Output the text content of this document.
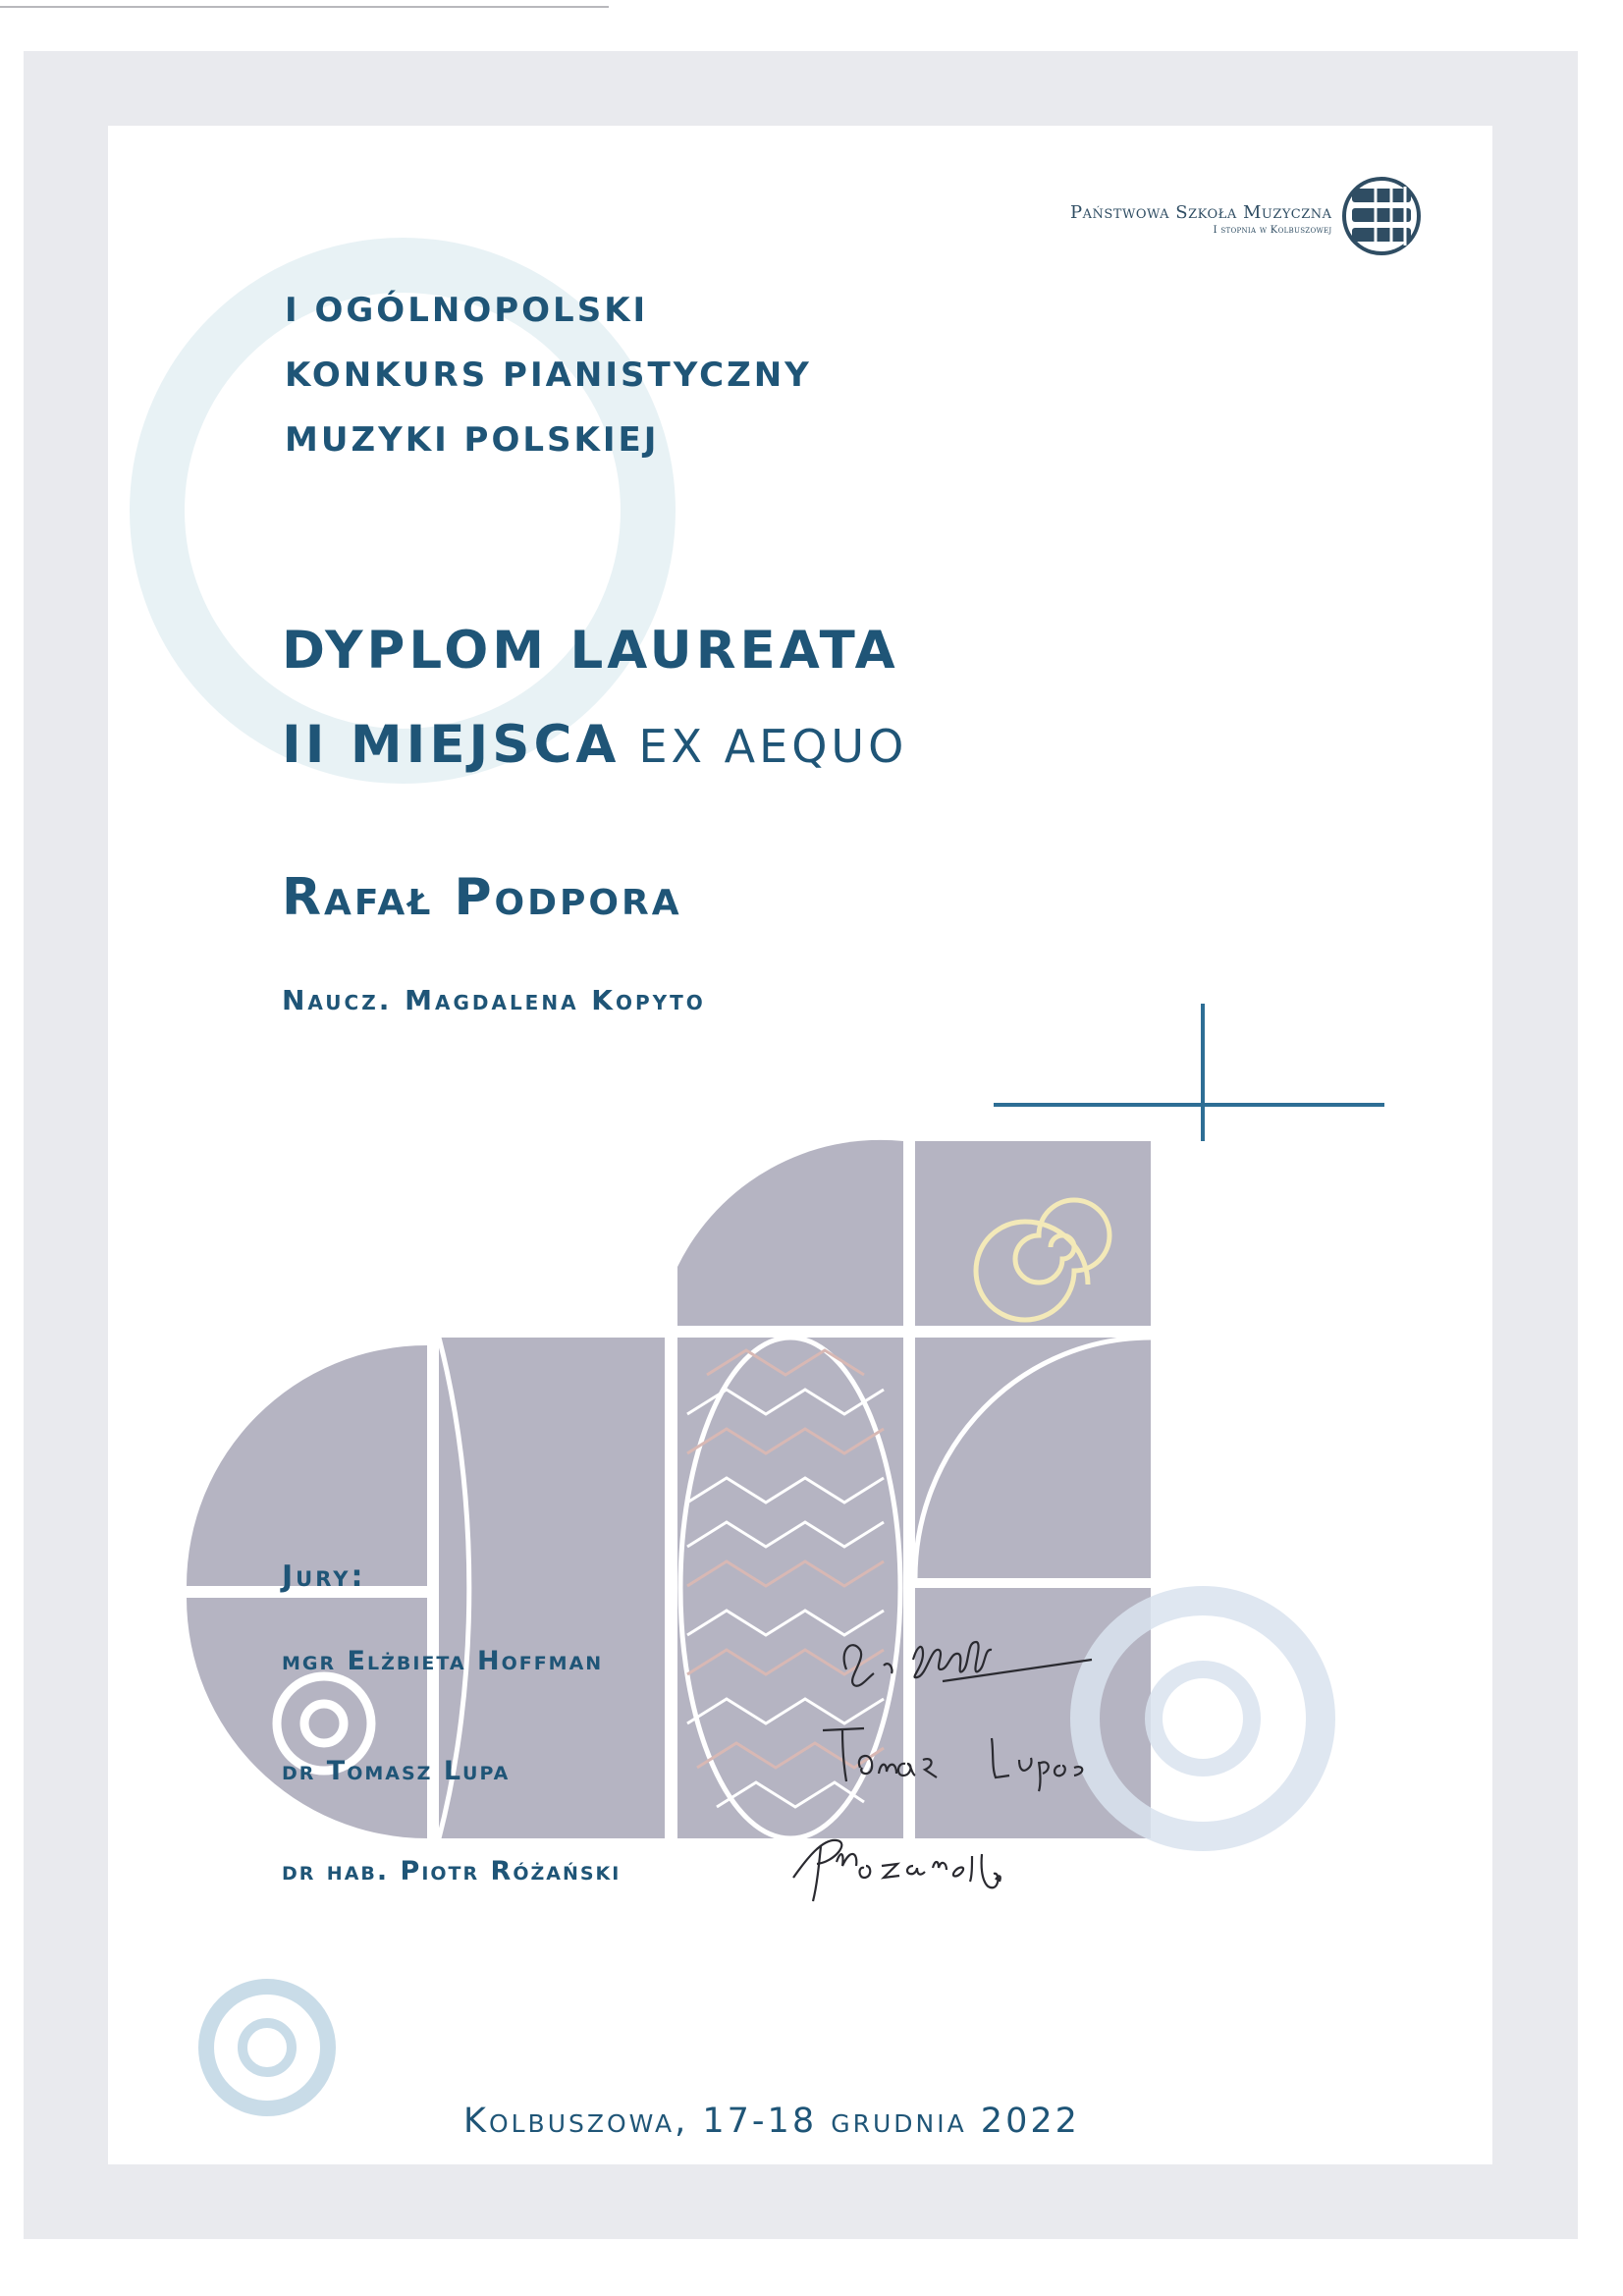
Państwowa Szkoła Muzyczna
I stopnia w Kolbuszowej
I OGÓLNOPOLSKI
KONKURS PIANISTYCZNY
MUZYKI POLSKIEJ
DYPLOM LAUREATA
II MIEJSCA EX AEQUO
Rafał Podpora
Naucz. Magdalena Kopyto
Jury:
mgr Elżbieta Hoffman
dr Tomasz Lupa
dr hab. Piotr Różański
Kolbuszowa, 17-18 grudnia 2022
